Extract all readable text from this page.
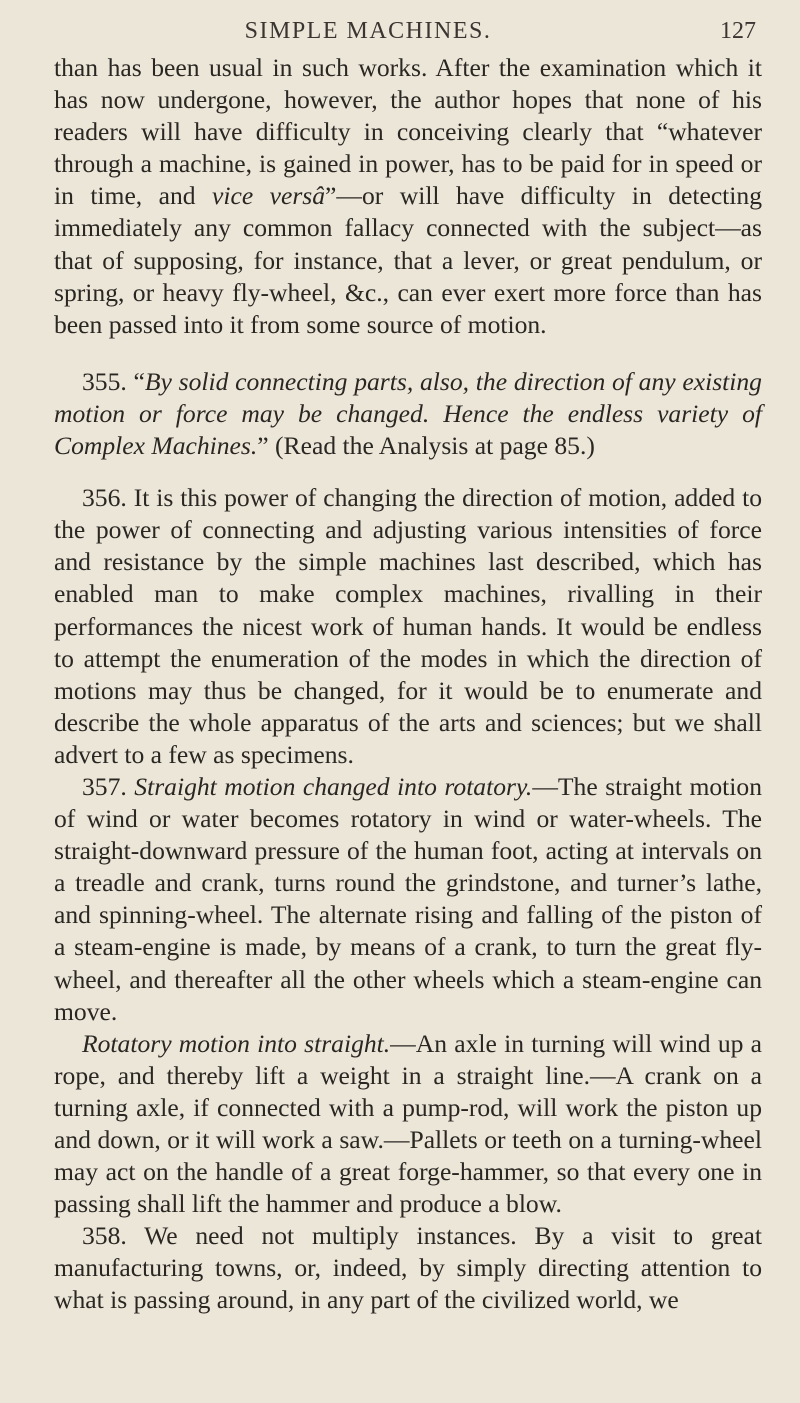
SIMPLE MACHINES.	127

than has been usual in such works. After the examination which it has now undergone, however, the author hopes that none of his readers will have difficulty in conceiving clearly that “whatever through a machine, is gained in power, has to be paid for in speed or in time, and vice versâ”—or will have difficulty in detecting immediately any common fallacy connected with the subject—as that of supposing, for instance, that a lever, or great pendulum, or spring, or heavy fly-wheel, &c., can ever exert more force than has been passed into it from some source of motion.

355. “By solid connecting parts, also, the direction of any existing motion or force may be changed. Hence the endless variety of Complex Machines.” (Read the Analysis at page 85.)

356. It is this power of changing the direction of motion, added to the power of connecting and adjusting various intensities of force and resistance by the simple machines last described, which has enabled man to make complex machines, rivalling in their performances the nicest work of human hands. It would be endless to attempt the enumeration of the modes in which the direction of motions may thus be changed, for it would be to enumerate and describe the whole apparatus of the arts and sciences; but we shall advert to a few as specimens.

357. Straight motion changed into rotatory.—The straight motion of wind or water becomes rotatory in wind or water-wheels. The straight-downward pressure of the human foot, acting at intervals on a treadle and crank, turns round the grindstone, and turner’s lathe, and spinning-wheel. The alternate rising and falling of the piston of a steam-engine is made, by means of a crank, to turn the great fly-wheel, and thereafter all the other wheels which a steam-engine can move.

Rotatory motion into straight.—An axle in turning will wind up a rope, and thereby lift a weight in a straight line.—A crank on a turning axle, if connected with a pump-rod, will work the piston up and down, or it will work a saw.—Pallets or teeth on a turning-wheel may act on the handle of a great forge-hammer, so that every one in passing shall lift the hammer and produce a blow.

358. We need not multiply instances. By a visit to great manufacturing towns, or, indeed, by simply directing attention to what is passing around, in any part of the civilized world, we
